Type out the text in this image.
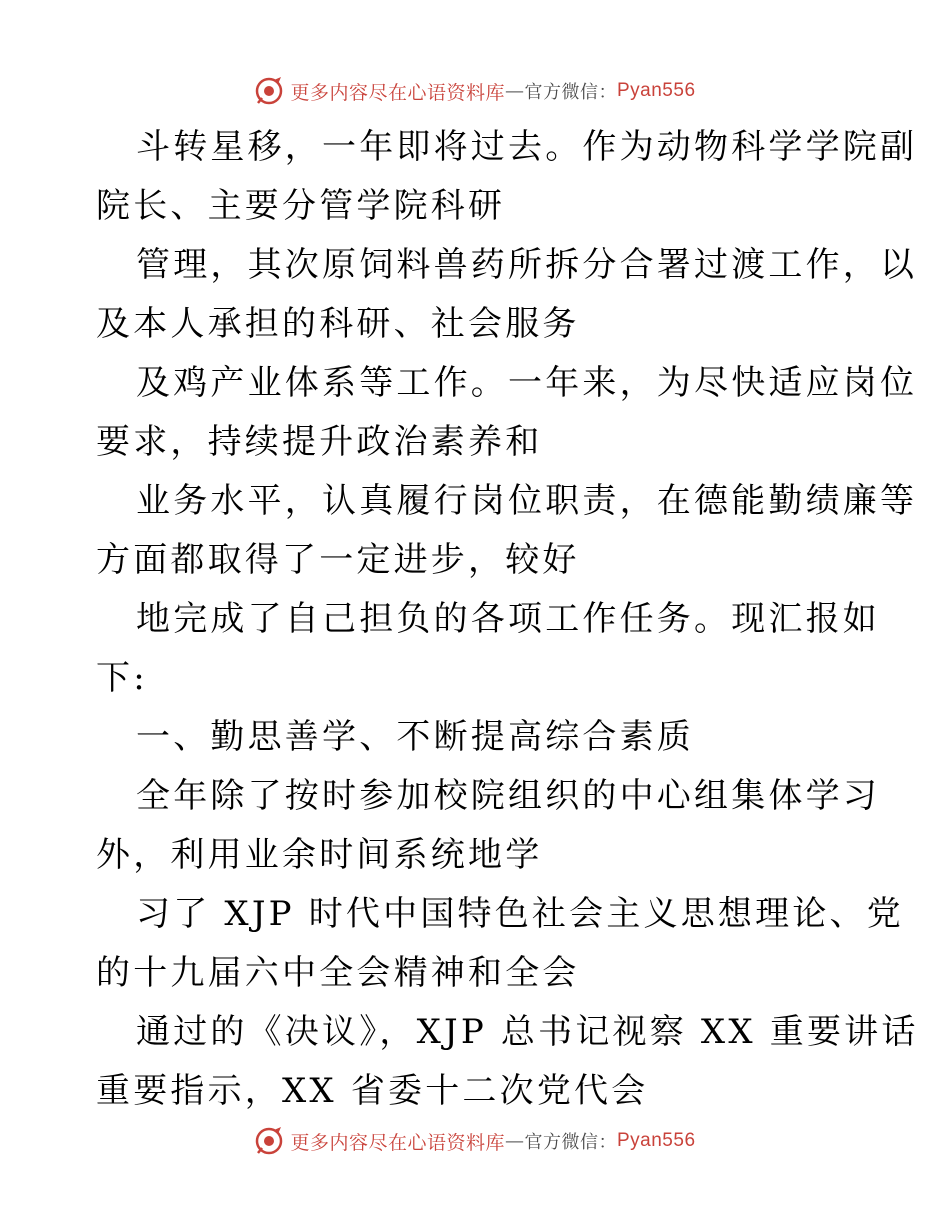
更多内容尽在心语资料库 — 官方微信： Pyan556
斗转星移，一年即将过去。作为动物科学学院副
院长、主要分管学院科研
管理，其次原饲料兽药所拆分合署过渡工作，以
及本人承担的科研、社会服务
及鸡产业体系等工作。一年来，为尽快适应岗位
要求，持续提升政治素养和
业务水平，认真履行岗位职责，在德能勤绩廉等
方面都取得了一定进步，较好
地完成了自己担负的各项工作任务。现汇报如
下:
一、勤思善学、不断提高综合素质
全年除了按时参加校院组织的中心组集体学习
外，利用业余时间系统地学
习了 XJP 时代中国特色社会主义思想理论、党
的十九届六中全会精神和全会
通过的《决议》，XJP 总书记视察 XX 重要讲话
重要指示，XX 省委十二次党代会
更多内容尽在心语资料库 — 官方微信： Pyan556
